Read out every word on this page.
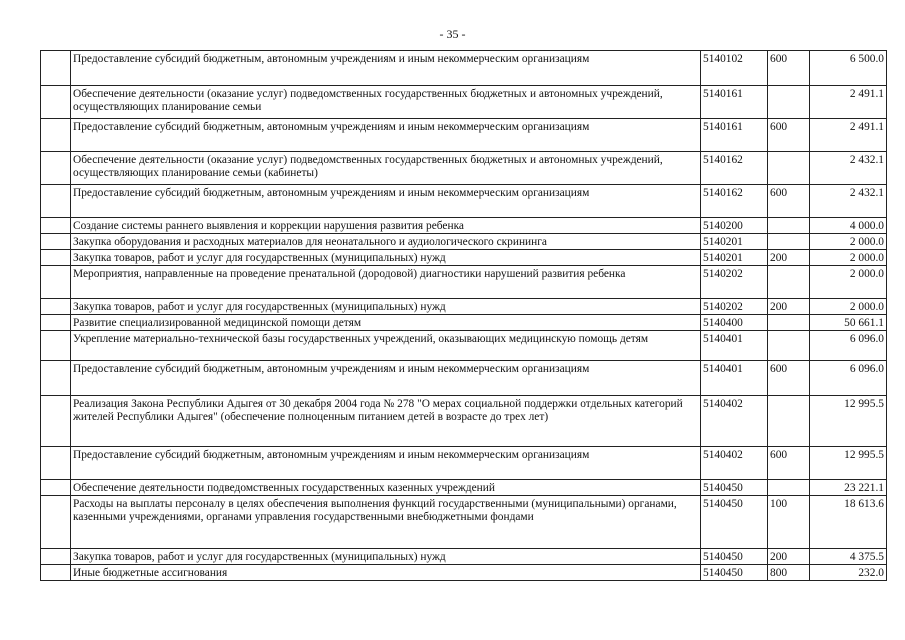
- 35 -
	Предоставление субсидий бюджетным, автономным учреждениям и иным некоммерческим организациям	5140102	600	6 500.0
	Обеспечение деятельности (оказание услуг) подведомственных государственных бюджетных и автономных учреждений, осуществляющих планирование семьи	5140161		2 491.1
	Предоставление субсидий бюджетным, автономным учреждениям и иным некоммерческим организациям	5140161	600	2 491.1
	Обеспечение деятельности (оказание услуг) подведомственных государственных бюджетных и автономных учреждений, осуществляющих планирование семьи (кабинеты)	5140162		2 432.1
	Предоставление субсидий бюджетным, автономным учреждениям и иным некоммерческим организациям	5140162	600	2 432.1
	Создание системы раннего выявления и коррекции нарушения развития ребенка	5140200		4 000.0
	Закупка оборудования и расходных материалов для неонатального и аудиологического скрининга	5140201		2 000.0
	Закупка товаров, работ и услуг для государственных (муниципальных) нужд	5140201	200	2 000.0
	Мероприятия, направленные на проведение пренатальной (дородовой) диагностики нарушений развития ребенка	5140202		2 000.0
	Закупка товаров, работ и услуг для государственных (муниципальных) нужд	5140202	200	2 000.0
	Развитие специализированной медицинской помощи детям	5140400		50 661.1
	Укрепление материально-технической базы государственных учреждений, оказывающих медицинскую помощь детям	5140401		6 096.0
	Предоставление субсидий бюджетным, автономным учреждениям и иным некоммерческим организациям	5140401	600	6 096.0
	Реализация Закона Республики Адыгея от 30 декабря 2004 года № 278 "О мерах социальной поддержки отдельных категорий жителей Республики Адыгея" (обеспечение полноценным питанием детей в возрасте до трех лет)	5140402		12 995.5
	Предоставление субсидий бюджетным, автономным учреждениям и иным некоммерческим организациям	5140402	600	12 995.5
	Обеспечение деятельности подведомственных государственных казенных учреждений	5140450		23 221.1
	Расходы на выплаты персоналу в целях обеспечения выполнения функций государственными (муниципальными) органами, казенными учреждениями, органами управления государственными внебюджетными фондами	5140450	100	18 613.6
	Закупка товаров, работ и услуг для государственных (муниципальных) нужд	5140450	200	4 375.5
	Иные бюджетные ассигнования	5140450	800	232.0
